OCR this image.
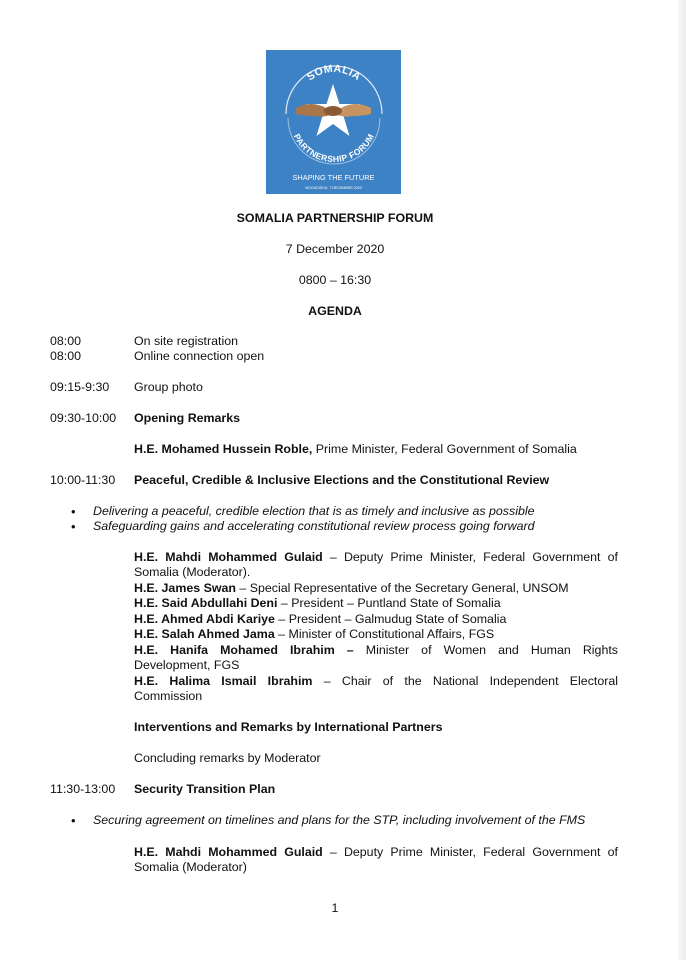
SOMALIA
PARTNERSHIP FORUM
SHAPING THE FUTURE
MOGADISHU, 7 DECEMBER 2020
SOMALIA PARTNERSHIP FORUM
7 December 2020
0800 – 16:30
AGENDA
08:00	On site registration
08:00	Online connection open
09:15-9:30 Group photo
09:30-10:00 Opening Remarks
H.E. Mohamed Hussein Roble, Prime Minister, Federal Government of Somalia
10:00-11:30 Peaceful, Credible & Inclusive Elections and the Constitutional Review
• Delivering a peaceful, credible election that is as timely and inclusive as possible
• Safeguarding gains and accelerating constitutional review process going forward
H.E. Mahdi Mohammed Gulaid – Deputy Prime Minister, Federal Government of
Somalia (Moderator).
H.E. James Swan – Special Representative of the Secretary General, UNSOM
H.E. Said Abdullahi Deni – President – Puntland State of Somalia
H.E. Ahmed Abdi Kariye – President – Galmudug State of Somalia
H.E. Salah Ahmed Jama – Minister of Constitutional Affairs, FGS
H.E. Hanifa Mohamed Ibrahim – Minister of Women and Human Rights
Development, FGS
H.E. Halima Ismail Ibrahim – Chair of the National Independent Electoral
Commission
Interventions and Remarks by International Partners
Concluding remarks by Moderator
11:30-13:00 Security Transition Plan
• Securing agreement on timelines and plans for the STP, including involvement of the FMS
H.E. Mahdi Mohammed Gulaid – Deputy Prime Minister, Federal Government of
Somalia (Moderator)
1
